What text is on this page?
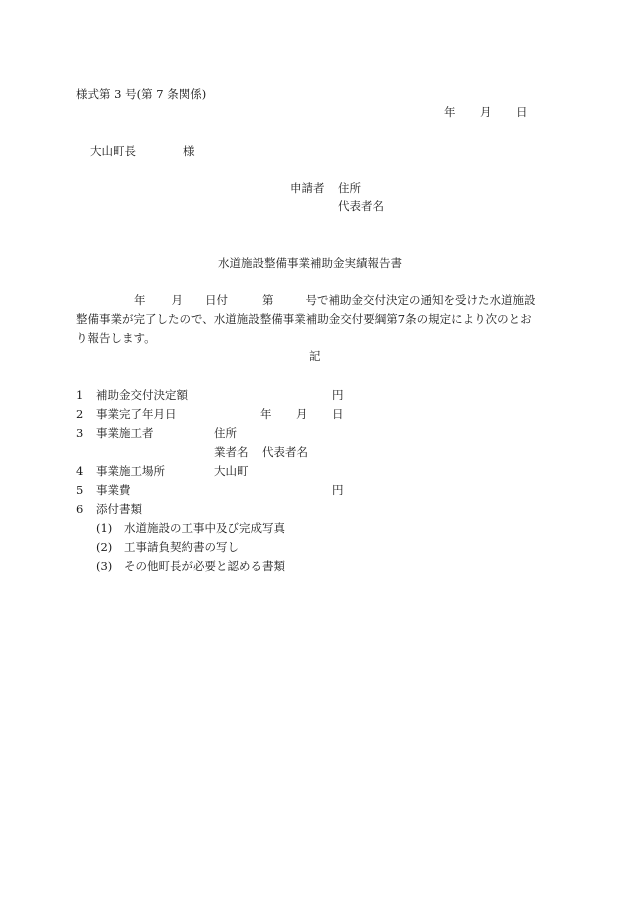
様式第 3 号(第 7 条関係)
年 月 日
大山町長	様
申請者 住所
代表者名
水道施設整備事業補助金実績報告書
年 月 日付	第	号で補助金交付決定の通知を受けた水道施設
整備事業が完了したので、水道施設整備事業補助金交付要綱第7条の規定により次のとお
り報告します。
記
1 補助金交付決定額	円
2 事業完了年月日	年 月 日
3 事業施工者	住所
業者名 代表者名
4 事業施工場所	大山町
5 事業費	円
6 添付書類
(1) 水道施設の工事中及び完成写真
(2) 工事請負契約書の写し
(3) その他町長が必要と認める書類
